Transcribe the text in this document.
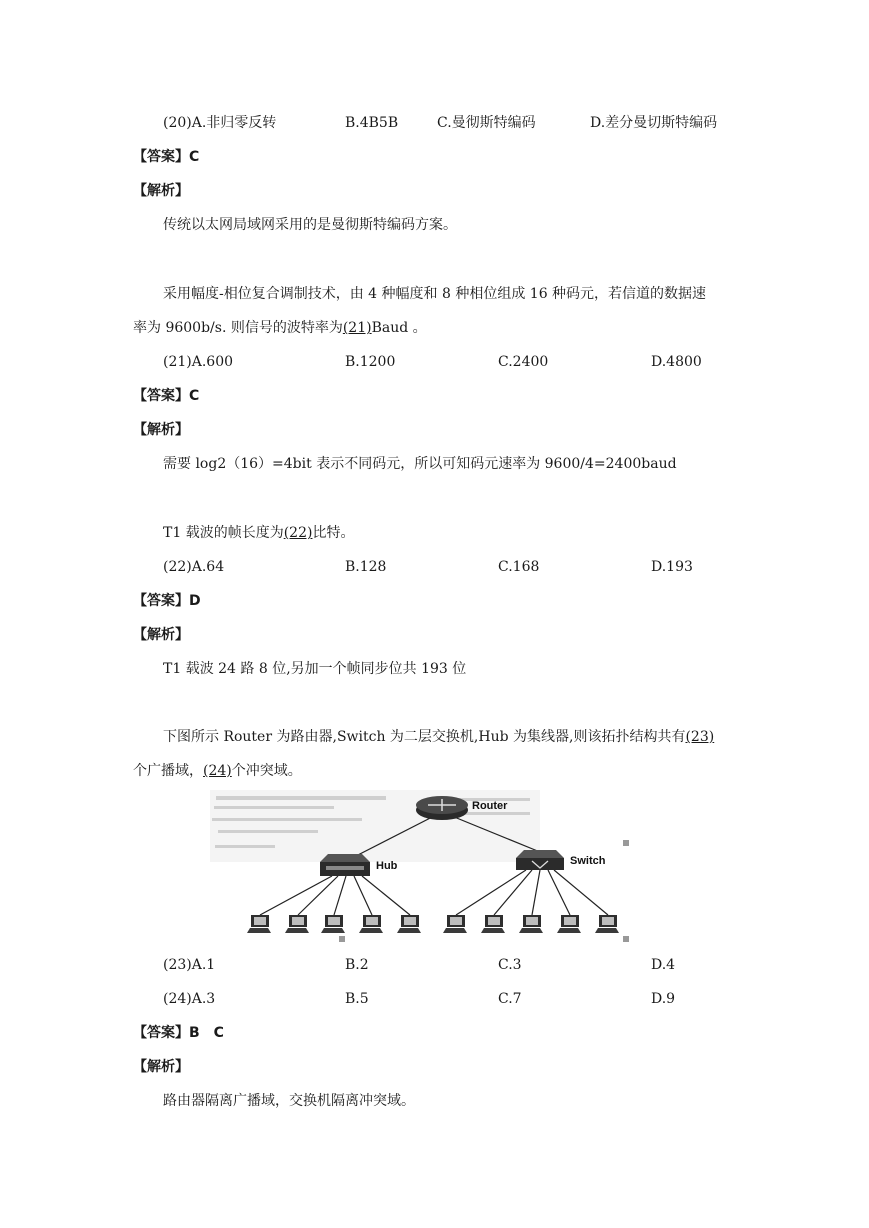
(20)A.非归零反转	B.4B5B	C.曼彻斯特编码	D.差分曼切斯特编码
【答案】C
【解析】
传统以太网局域网采用的是曼彻斯特编码方案。
采用幅度-相位复合调制技术，由 4 种幅度和 8 种相位组成 16 种码元，若信道的数据速
率为 9600b/s. 则信号的波特率为(21)Baud 。
(21)A.600	B.1200	C.2400	D.4800
【答案】C
【解析】
需要 log2（16）=4bit 表示不同码元，所以可知码元速率为 9600/4=2400baud
T1 载波的帧长度为(22)比特。
(22)A.64	B.128	C.168	D.193
【答案】D
【解析】
T1 载波 24 路 8 位,另加一个帧同步位共 193 位
下图所示 Router 为路由器,Switch 为二层交换机,Hub 为集线器,则该拓扑结构共有(23)
个广播域，(24)个冲突域。
Router
Hub	Switch
(23)A.1	B.2	C.3	D.4
(24)A.3	B.5	C.7	D.9
【答案】B　C
【解析】
路由器隔离广播域，交换机隔离冲突域。
